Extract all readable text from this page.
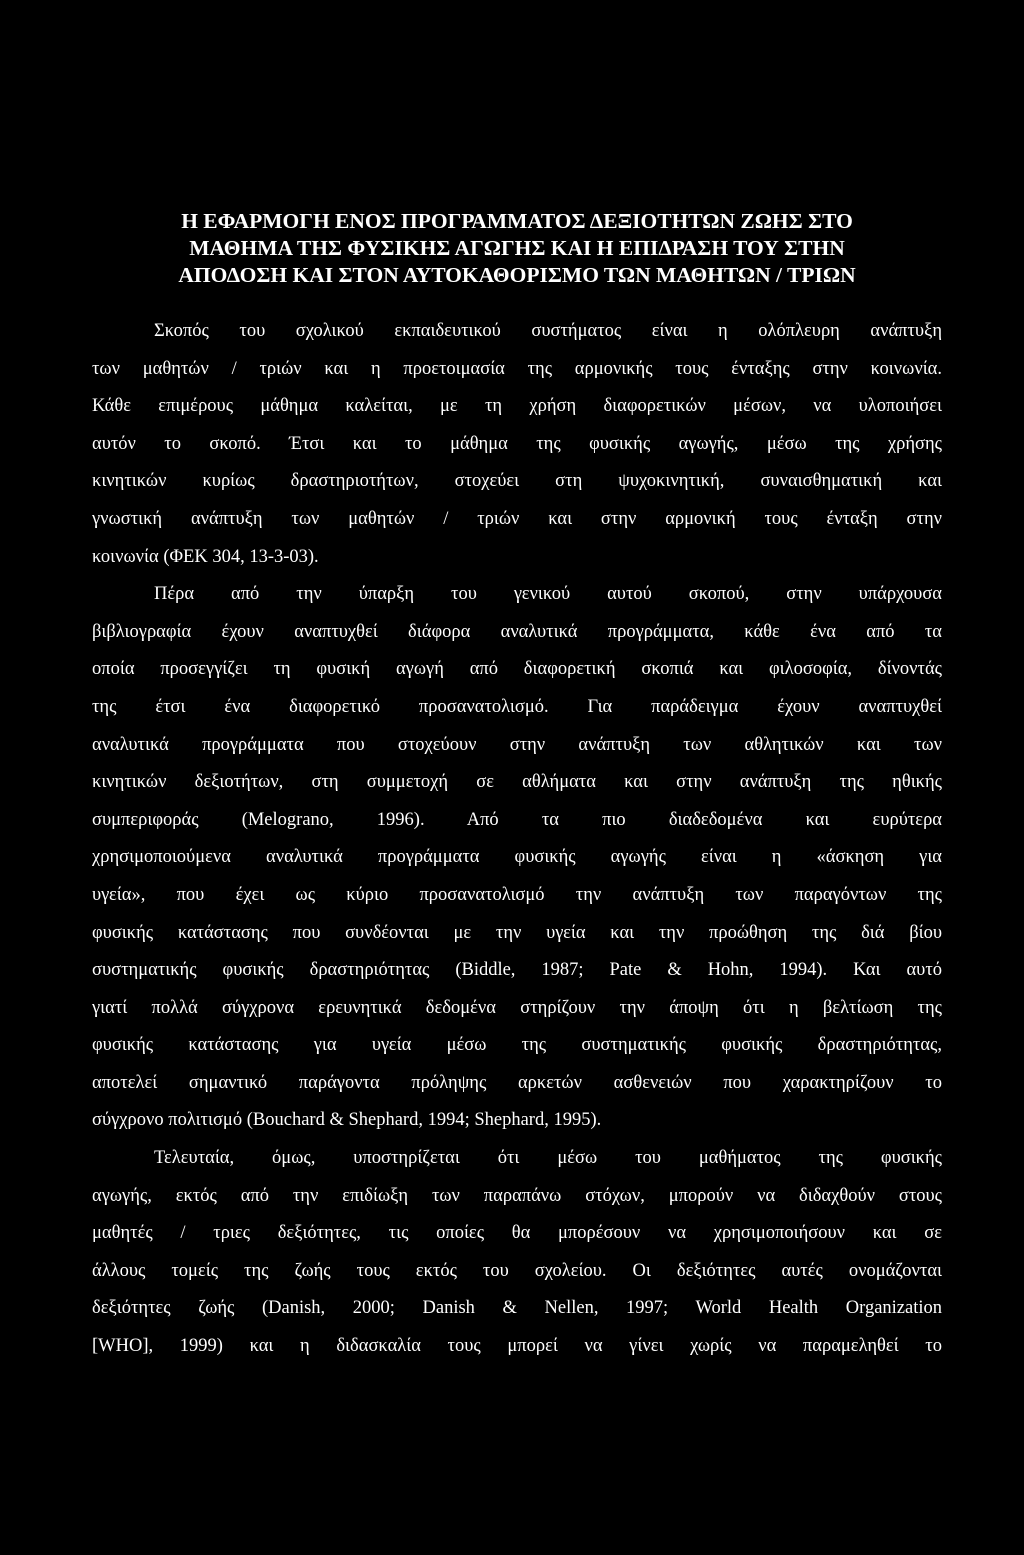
Η ΕΦΑΡΜΟΓΗ ΕΝΟΣ ΠΡΟΓΡΑΜΜΑΤΟΣ ΔΕΞΙΟΤΗΤΩΝ ΖΩΗΣ ΣΤΟ
ΜΑΘΗΜΑ ΤΗΣ ΦΥΣΙΚΗΣ ΑΓΩΓΗΣ ΚΑΙ Η ΕΠΙΔΡΑΣΗ ΤΟΥ ΣΤΗΝ
ΑΠΟΔΟΣΗ ΚΑΙ ΣΤΟΝ ΑΥΤΟΚΑΘΟΡΙΣΜΟ ΤΩΝ ΜΑΘΗΤΩΝ / ΤΡΙΩΝ
Σκοπός του σχολικού εκπαιδευτικού συστήματος είναι η ολόπλευρη ανάπτυξη
των μαθητών / τριών και η προετοιμασία της αρμονικής τους ένταξης στην κοινωνία.
Κάθε επιμέρους μάθημα καλείται, με τη χρήση διαφορετικών μέσων, να υλοποιήσει
αυτόν το σκοπό. Έτσι και το μάθημα της φυσικής αγωγής, μέσω της χρήσης
κινητικών κυρίως δραστηριοτήτων, στοχεύει στη ψυχοκινητική, συναισθηματική και
γνωστική ανάπτυξη των μαθητών / τριών και στην αρμονική τους ένταξη στην
κοινωνία (ΦΕΚ 304, 13-3-03).
Πέρα από την ύπαρξη του γενικού αυτού σκοπού, στην υπάρχουσα
βιβλιογραφία έχουν αναπτυχθεί διάφορα αναλυτικά προγράμματα, κάθε ένα από τα
οποία προσεγγίζει τη φυσική αγωγή από διαφορετική σκοπιά και φιλοσοφία, δίνοντάς
της έτσι ένα διαφορετικό προσανατολισμό. Για παράδειγμα έχουν αναπτυχθεί
αναλυτικά προγράμματα που στοχεύουν στην ανάπτυξη των αθλητικών και των
κινητικών δεξιοτήτων, στη συμμετοχή σε αθλήματα και στην ανάπτυξη της ηθικής
συμπεριφοράς (Melograno, 1996). Από τα πιο διαδεδομένα και ευρύτερα
χρησιμοποιούμενα αναλυτικά προγράμματα φυσικής αγωγής είναι η «άσκηση για
υγεία», που έχει ως κύριο προσανατολισμό την ανάπτυξη των παραγόντων της
φυσικής κατάστασης που συνδέονται με την υγεία και την προώθηση της διά βίου
συστηματικής φυσικής δραστηριότητας (Biddle, 1987; Pate & Hohn, 1994). Και αυτό
γιατί πολλά σύγχρονα ερευνητικά δεδομένα στηρίζουν την άποψη ότι η βελτίωση της
φυσικής κατάστασης για υγεία μέσω της συστηματικής φυσικής δραστηριότητας,
αποτελεί σημαντικό παράγοντα πρόληψης αρκετών ασθενειών που χαρακτηρίζουν το
σύγχρονο πολιτισμό (Bouchard & Shephard, 1994; Shephard, 1995).
Τελευταία, όμως, υποστηρίζεται ότι μέσω του μαθήματος της φυσικής
αγωγής, εκτός από την επιδίωξη των παραπάνω στόχων, μπορούν να διδαχθούν στους
μαθητές / τριες δεξιότητες, τις οποίες θα μπορέσουν να χρησιμοποιήσουν και σε
άλλους τομείς της ζωής τους εκτός του σχολείου. Οι δεξιότητες αυτές ονομάζονται
δεξιότητες ζωής (Danish, 2000; Danish & Nellen, 1997; World Health Organization
[WHO], 1999) και η διδασκαλία τους μπορεί να γίνει χωρίς να παραμεληθεί το
